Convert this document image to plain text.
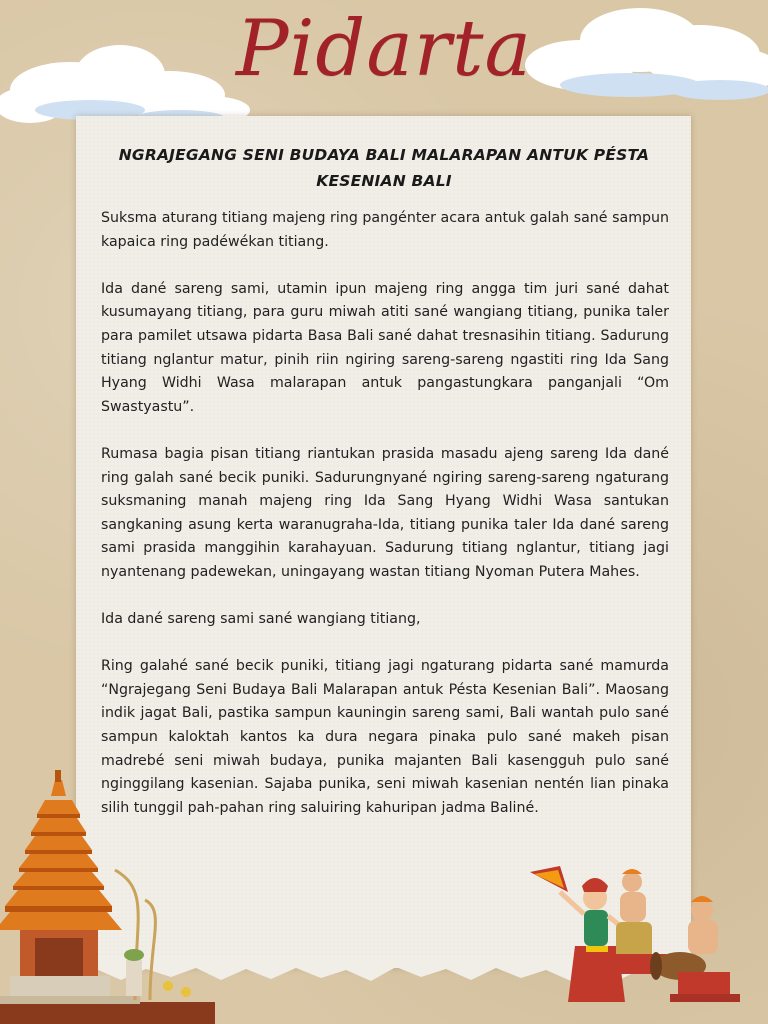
Pidarta
NGRAJEGANG SENI BUDAYA BALI MALARAPAN ANTUK PÉSTA
KESENIAN BALI

Suksma aturang titiang majeng ring pangénter acara antuk galah sané sampun kapaica ring padéwékan titiang.

Ida dané sareng sami, utamin ipun majeng ring angga tim juri sané dahat kusumayang titiang, para guru miwah atiti sané wangiang titiang, punika taler para pamilet utsawa pidarta Basa Bali sané dahat tresnasihin titiang. Sadurung titiang nglantur matur, pinih riin ngiring sareng-sareng ngastiti ring Ida Sang Hyang Widhi Wasa malarapan antuk pangastungkara panganjali “Om Swastyastu”.

Rumasa bagia pisan titiang riantukan prasida masadu ajeng sareng Ida dané ring galah sané becik puniki. Sadurungnyané ngiring sareng-sareng ngaturang suksmaning manah majeng ring Ida Sang Hyang Widhi Wasa santukan sangkaning asung kerta waranugraha-Ida, titiang punika taler Ida dané sareng sami prasida manggihin karahayuan. Sadurung titiang nglantur, titiang jagi nyantenang padewekan, uningayang wastan titiang Nyoman Putera Mahes.

Ida dané sareng sami sané wangiang titiang,

Ring galahé sané becik puniki, titiang jagi ngaturang pidarta sané mamurda “Ngrajegang Seni Budaya Bali Malarapan antuk Pésta Kesenian Bali”. Maosang indik jagat Bali, pastika sampun kauningin sareng sami, Bali wantah pulo sané sampun kaloktah kantos ka dura negara pinaka pulo sané makeh pisan madrebé seni miwah budaya, punika majanten Bali kasengguh pulo sané nginggilang kasenian. Sajaba punika, seni miwah kasenian nentén lian pinaka silih tunggil pah-pahan ring saluiring kahuripan jadma Baliné.
